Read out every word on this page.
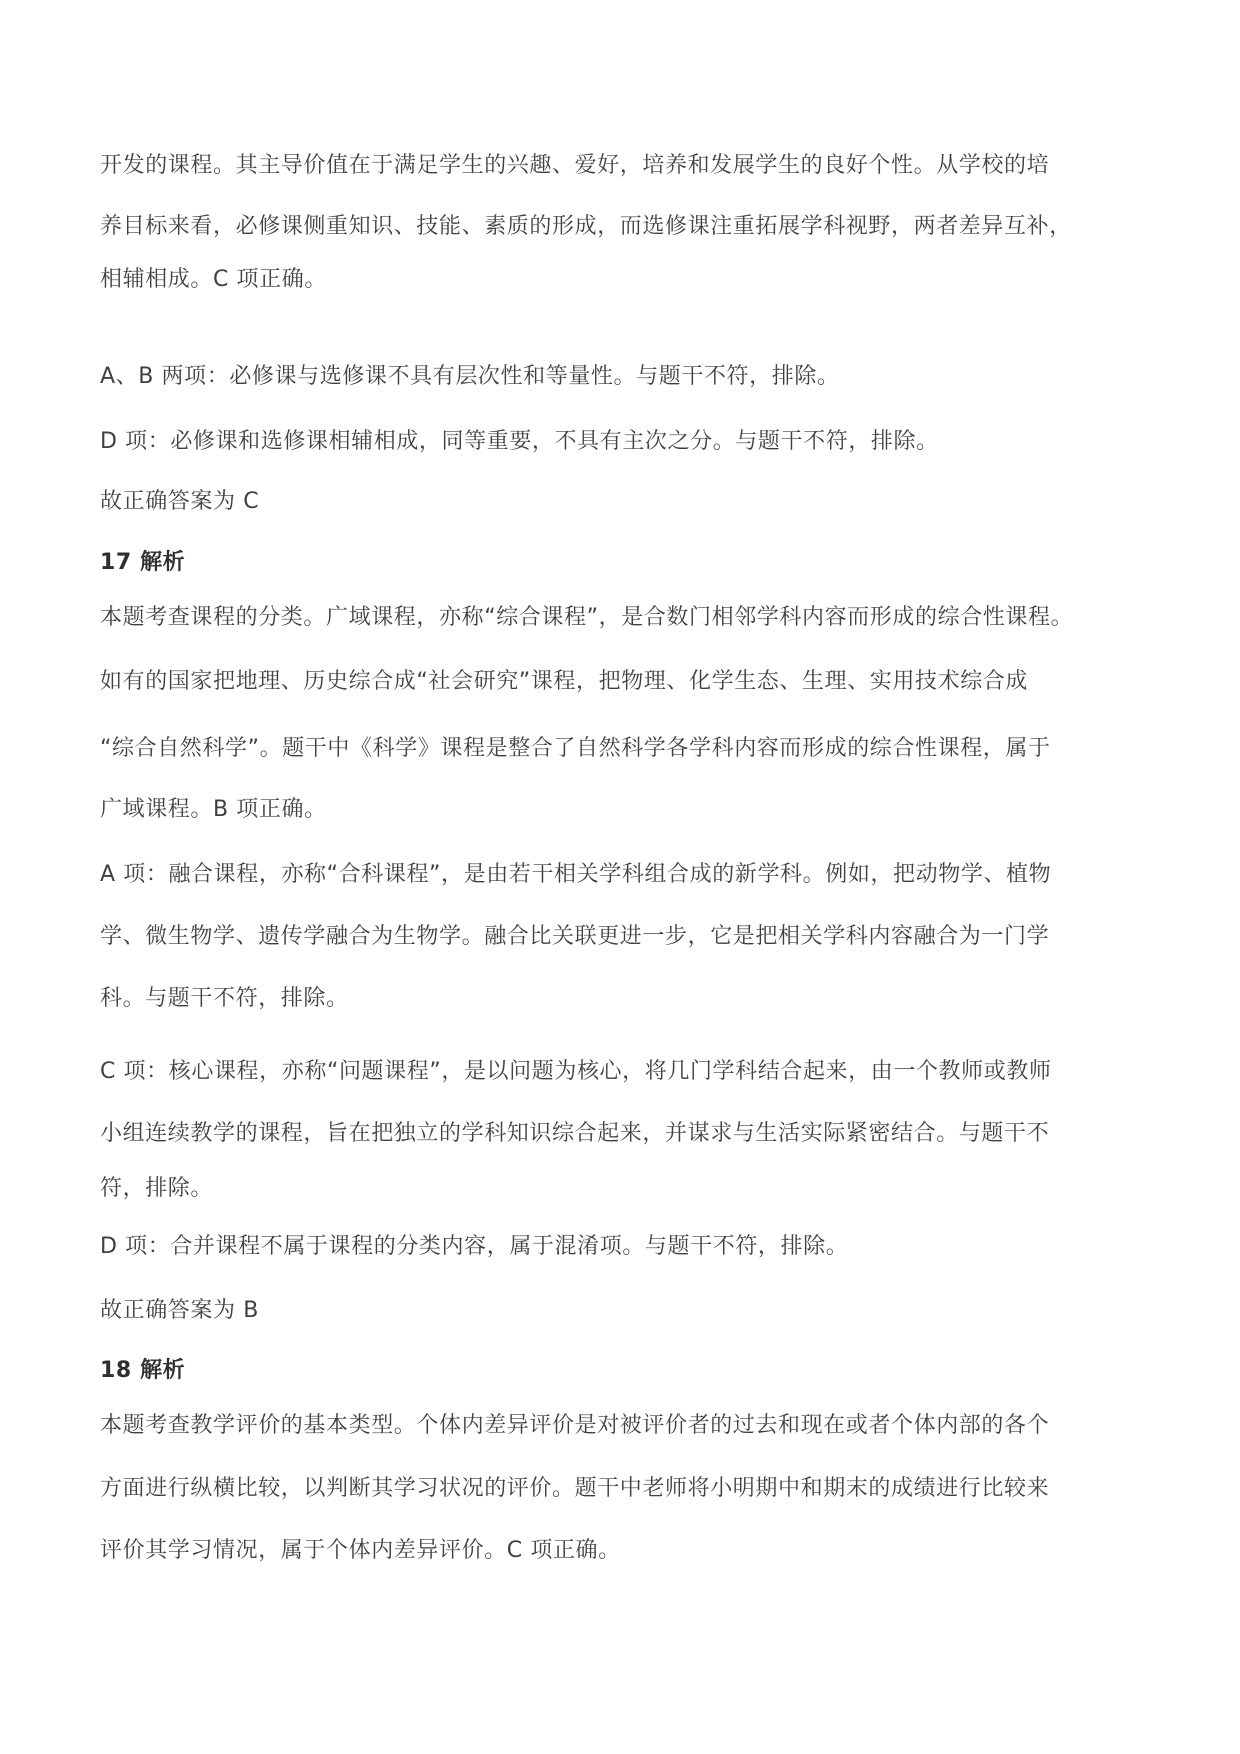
开发的课程。其主导价值在于满足学生的兴趣、爱好，培养和发展学生的良好个性。从学校的培
养目标来看，必修课侧重知识、技能、素质的形成，而选修课注重拓展学科视野，两者差异互补，
相辅相成。C 项正确。
A、B 两项：必修课与选修课不具有层次性和等量性。与题干不符，排除。
D 项：必修课和选修课相辅相成，同等重要，不具有主次之分。与题干不符，排除。
故正确答案为 C
17 解析
本题考查课程的分类。广域课程，亦称“综合课程”，是合数门相邻学科内容而形成的综合性课程。
如有的国家把地理、历史综合成“社会研究”课程，把物理、化学生态、生理、实用技术综合成
“综合自然科学”。题干中《科学》课程是整合了自然科学各学科内容而形成的综合性课程，属于
广域课程。B 项正确。
A 项：融合课程，亦称“合科课程”，是由若干相关学科组合成的新学科。例如，把动物学、植物
学、微生物学、遗传学融合为生物学。融合比关联更进一步，它是把相关学科内容融合为一门学
科。与题干不符，排除。
C 项：核心课程，亦称“问题课程”，是以问题为核心，将几门学科结合起来，由一个教师或教师
小组连续教学的课程，旨在把独立的学科知识综合起来，并谋求与生活实际紧密结合。与题干不
符，排除。
D 项：合并课程不属于课程的分类内容，属于混淆项。与题干不符，排除。
故正确答案为 B
18 解析
本题考查教学评价的基本类型。个体内差异评价是对被评价者的过去和现在或者个体内部的各个
方面进行纵横比较，以判断其学习状况的评价。题干中老师将小明期中和期末的成绩进行比较来
评价其学习情况，属于个体内差异评价。C 项正确。
